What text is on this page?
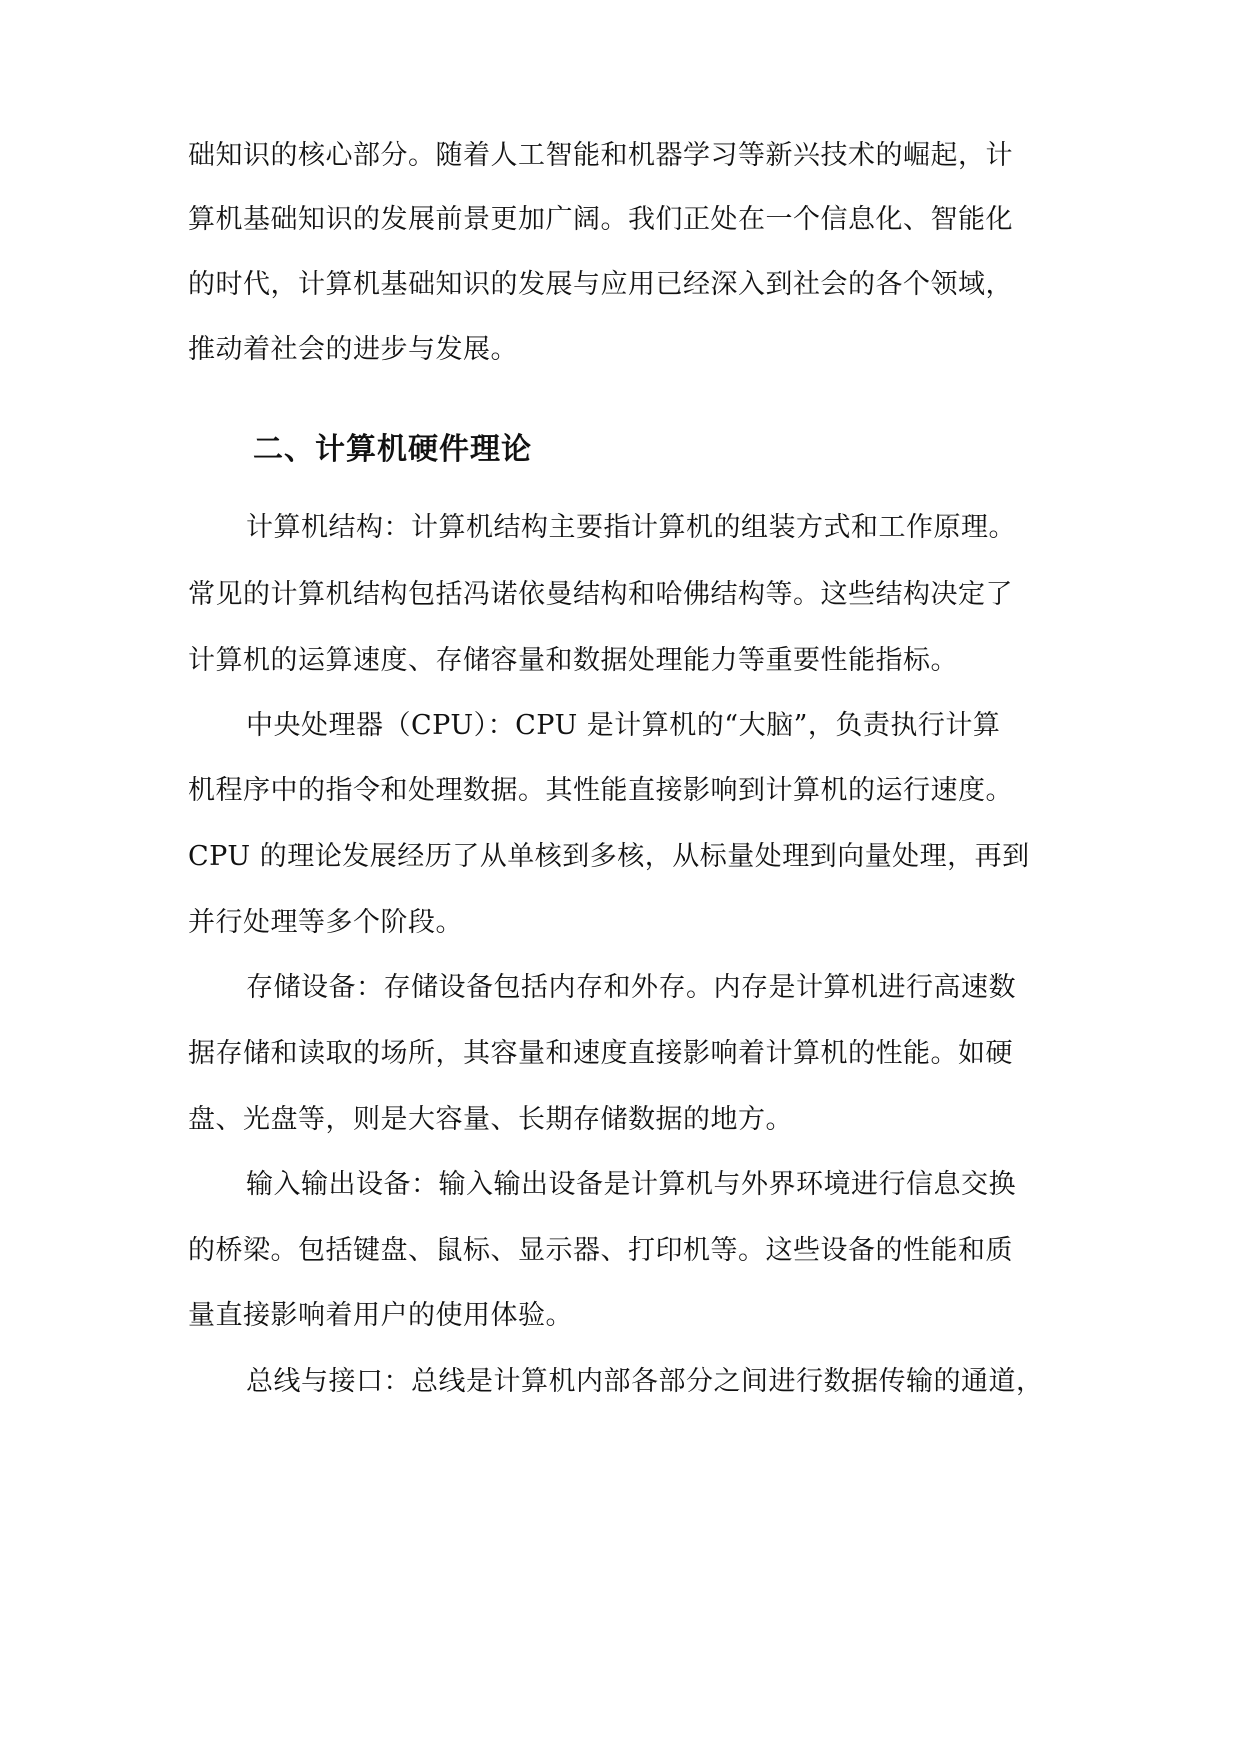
础知识的核心部分。随着人工智能和机器学习等新兴技术的崛起，计
算机基础知识的发展前景更加广阔。我们正处在一个信息化、智能化
的时代，计算机基础知识的发展与应用已经深入到社会的各个领域，
推动着社会的进步与发展。
二、计算机硬件理论
计算机结构：计算机结构主要指计算机的组装方式和工作原理。
常见的计算机结构包括冯诺依曼结构和哈佛结构等。这些结构决定了
计算机的运算速度、存储容量和数据处理能力等重要性能指标。
中央处理器（CPU）：CPU 是计算机的“大脑”，负责执行计算
机程序中的指令和处理数据。其性能直接影响到计算机的运行速度。
CPU 的理论发展经历了从单核到多核，从标量处理到向量处理，再到
并行处理等多个阶段。
存储设备：存储设备包括内存和外存。内存是计算机进行高速数
据存储和读取的场所，其容量和速度直接影响着计算机的性能。如硬
盘、光盘等，则是大容量、长期存储数据的地方。
输入输出设备：输入输出设备是计算机与外界环境进行信息交换
的桥梁。包括键盘、鼠标、显示器、打印机等。这些设备的性能和质
量直接影响着用户的使用体验。
总线与接口：总线是计算机内部各部分之间进行数据传输的通道，
